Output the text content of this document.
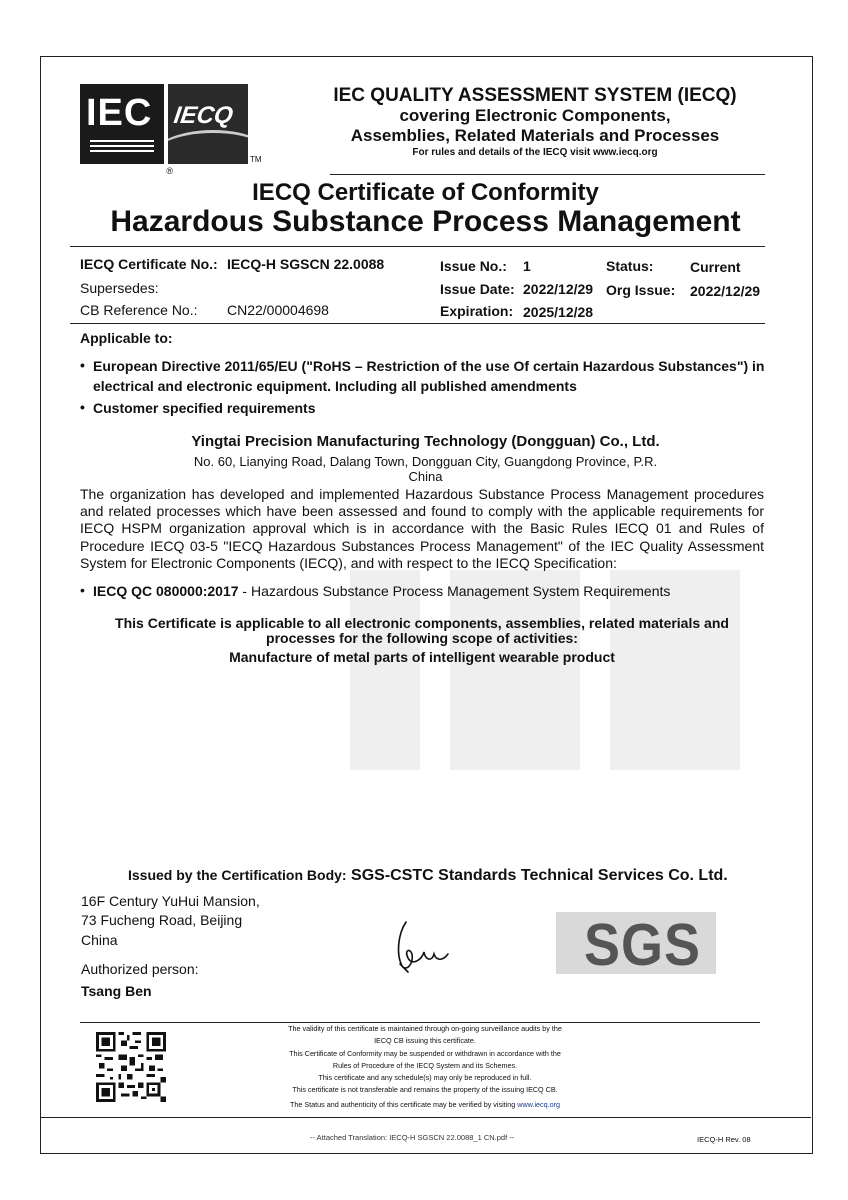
IEC
®
IECQ
TM
IEC QUALITY ASSESSMENT SYSTEM (IECQ)
covering Electronic Components,
Assemblies, Related Materials and Processes
For rules and details of the IECQ visit www.iecq.org
IECQ Certificate of Conformity
Hazardous Substance Process Management
IECQ Certificate No.: IECQ-H SGSCN 22.0088	Issue No.: 1	Status:	Current
Supersedes:	Issue Date: 2022/12/29 Org Issue: 2022/12/29
CB Reference No.: CN22/00004698	Expiration: 2025/12/28
Applicable to:
• European Directive 2011/65/EU ("RoHS – Restriction of the use Of certain Hazardous Substances") in
electrical and electronic equipment. Including all published amendments
• Customer specified requirements
Yingtai Precision Manufacturing Technology (Dongguan) Co., Ltd.
No. 60, Lianying Road, Dalang Town, Dongguan City, Guangdong Province, P.R.
China
The organization has developed and implemented Hazardous Substance Process Management procedures and related processes which have been assessed and found to comply with the applicable requirements for IECQ HSPM organization approval which is in accordance with the Basic Rules IECQ 01 and Rules of Procedure IECQ 03-5 "IECQ Hazardous Substances Process Management" of the IEC Quality Assessment System for Electronic Components (IECQ), and with respect to the IECQ Specification:
• IECQ QC 080000:2017 - Hazardous Substance Process Management System Requirements
This Certificate is applicable to all electronic components, assemblies, related materials and
processes for the following scope of activities:
Manufacture of metal parts of intelligent wearable product
Issued by the Certification Body: SGS-CSTC Standards Technical Services Co. Ltd.
16F Century YuHui Mansion,
73 Fucheng Road, Beijing
China
Authorized person:
Tsang Ben
SGS
The validity of this certificate is maintained through on-going surveillance audits by the
IECQ CB issuing this certificate.
This Certificate of Conformity may be suspended or withdrawn in accordance with the
Rules of Procedure of the IECQ System and its Schemes.
This certificate and any schedule(s) may only be reproduced in full.
This certificate is not transferable and remains the property of the issuing IECQ CB.
The Status and authenticity of this certificate may be verified by visiting www.iecq.org
-- Attached Translation: IECQ-H SGSCN 22.0088_1 CN.pdf --	IECQ-H Rev. 08
